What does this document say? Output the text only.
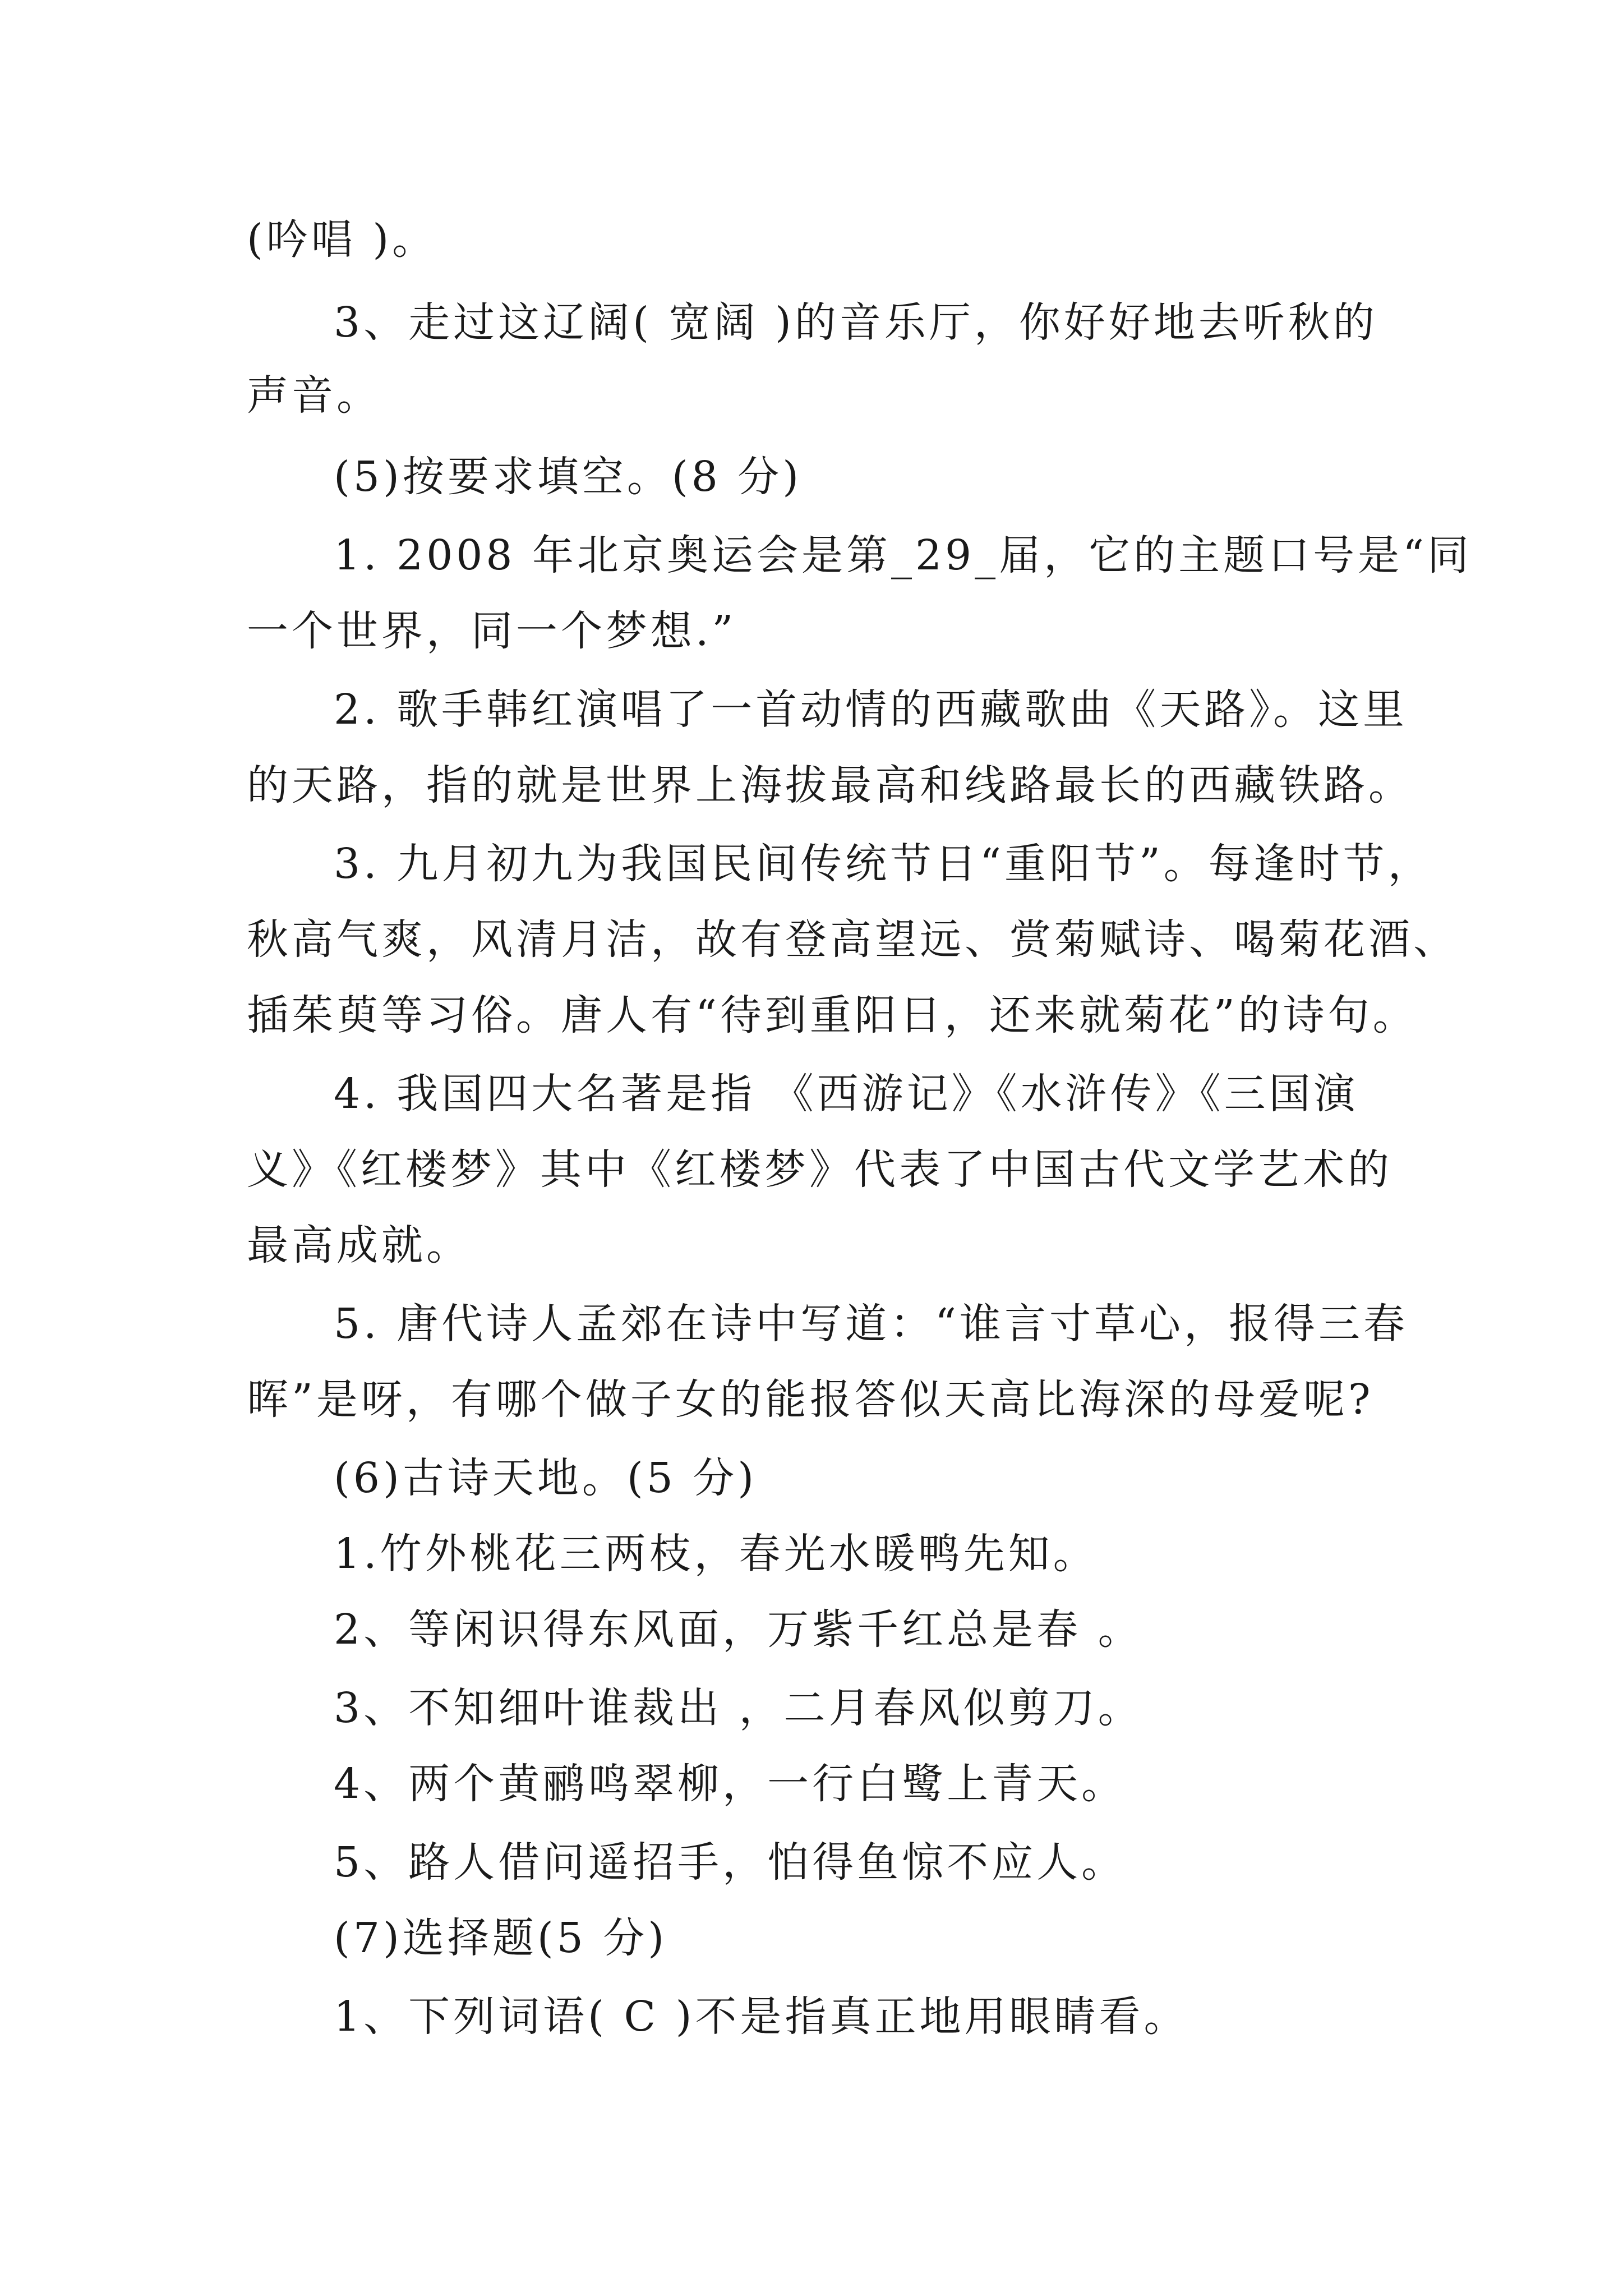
(吟唱 )。
3、走过这辽阔( 宽阔 )的音乐厅，你好好地去听秋的
声音。
(5)按要求填空。(8 分)
1. 2008 年北京奥运会是第_29_届，它的主题口号是“同
一个世界，同一个梦想.”
2. 歌手韩红演唱了一首动情的西藏歌曲《天路》。这里
的天路，指的就是世界上海拔最高和线路最长的西藏铁路。
3. 九月初九为我国民间传统节日“重阳节”。每逢时节，
秋高气爽，风清月洁，故有登高望远、赏菊赋诗、喝菊花酒、
插茱萸等习俗。唐人有“待到重阳日，还来就菊花”的诗句。
4. 我国四大名著是指 《西游记》《水浒传》《三国演
义》《红楼梦》其中《红楼梦》代表了中国古代文学艺术的
最高成就。
5. 唐代诗人孟郊在诗中写道：“谁言寸草心，报得三春
晖”是呀，有哪个做子女的能报答似天高比海深的母爱呢?
(6)古诗天地。(5 分)
1.竹外桃花三两枝，春光水暖鸭先知。
2、等闲识得东风面，万紫千红总是春 。
3、不知细叶谁裁出 ，二月春风似剪刀。
4、两个黄鹂鸣翠柳，一行白鹭上青天。
5、路人借问遥招手，怕得鱼惊不应人。
(7)选择题(5 分)
1、下列词语( C )不是指真正地用眼睛看。
